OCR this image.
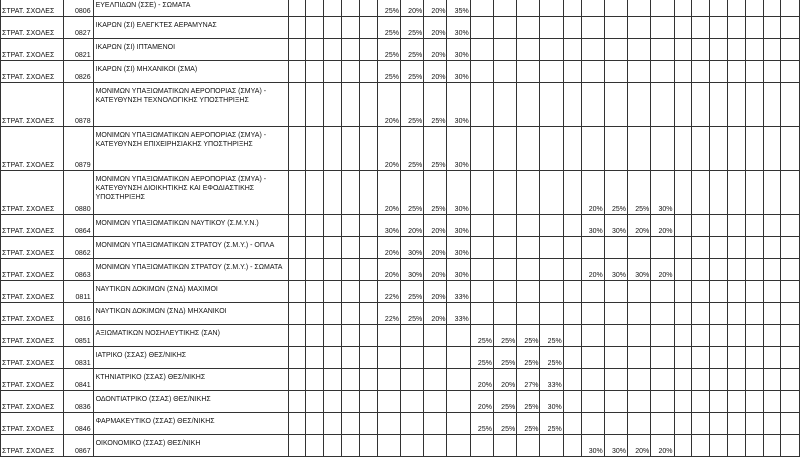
ΣΤΡΑΤ. ΣΧΟΛΕΣ	0806	ΕΥΕΛΠΙΔΩΝ (ΣΣΕ) - ΣΩΜΑΤΑ						25%	20%	20%	35%																
ΣΤΡΑΤ. ΣΧΟΛΕΣ	0827	ΙΚΑΡΩΝ (ΣΙ) ΕΛΕΓΚΤΕΣ ΑΕΡΑΜΥΝΑΣ						25%	25%	20%	30%																
ΣΤΡΑΤ. ΣΧΟΛΕΣ	0821	ΙΚΑΡΩΝ (ΣΙ) ΙΠΤΑΜΕΝΟΙ						25%	25%	20%	30%																
ΣΤΡΑΤ. ΣΧΟΛΕΣ	0826	ΙΚΑΡΩΝ (ΣΙ) ΜΗΧΑΝΙΚΟΙ (ΣΜΑ)						25%	25%	20%	30%																
ΣΤΡΑΤ. ΣΧΟΛΕΣ	0878	ΜΟΝΙΜΩΝ ΥΠΑΞΙΩΜΑΤΙΚΩΝ ΑΕΡΟΠΟΡΙΑΣ (ΣΜΥΑ) - ΚΑΤΕΥΘΥΝΣΗ ΤΕΧΝΟΛΟΓΙΚΗΣ ΥΠΟΣΤΗΡΙΞΗΣ						20%	25%	25%	30%																
ΣΤΡΑΤ. ΣΧΟΛΕΣ	0879	ΜΟΝΙΜΩΝ ΥΠΑΞΙΩΜΑΤΙΚΩΝ ΑΕΡΟΠΟΡΙΑΣ (ΣΜΥΑ) - ΚΑΤΕΥΘΥΝΣΗ ΕΠΙΧΕΙΡΗΣΙΑΚΗΣ ΥΠΟΣΤΗΡΙΞΗΣ						20%	25%	25%	30%																
ΣΤΡΑΤ. ΣΧΟΛΕΣ	0880	ΜΟΝΙΜΩΝ ΥΠΑΞΙΩΜΑΤΙΚΩΝ ΑΕΡΟΠΟΡΙΑΣ (ΣΜΥΑ) - ΚΑΤΕΥΘΥΝΣΗ ΔΙΟΙΚΗΤΙΚΗΣ ΚΑΙ ΕΦΟΔΙΑΣΤΙΚΗΣ ΥΠΟΣΤΗΡΙΞΗΣ						20%	25%	25%	30%						20%	25%	25%	30%							
ΣΤΡΑΤ. ΣΧΟΛΕΣ	0864	ΜΟΝΙΜΩΝ ΥΠΑΞΙΩΜΑΤΙΚΩΝ ΝΑΥΤΙΚΟΥ (Σ.Μ.Υ.Ν.)						30%	20%	20%	30%						30%	30%	20%	20%							
ΣΤΡΑΤ. ΣΧΟΛΕΣ	0862	ΜΟΝΙΜΩΝ ΥΠΑΞΙΩΜΑΤΙΚΩΝ ΣΤΡΑΤΟΥ (Σ.Μ.Υ.) - ΟΠΛΑ						20%	30%	20%	30%																
ΣΤΡΑΤ. ΣΧΟΛΕΣ	0863	ΜΟΝΙΜΩΝ ΥΠΑΞΙΩΜΑΤΙΚΩΝ ΣΤΡΑΤΟΥ (Σ.Μ.Υ.) - ΣΩΜΑΤΑ						20%	30%	20%	30%						20%	30%	30%	20%							
ΣΤΡΑΤ. ΣΧΟΛΕΣ	0811	ΝΑΥΤΙΚΩΝ ΔΟΚΙΜΩΝ (ΣΝΔ) ΜΑΧΙΜΟΙ						22%	25%	20%	33%																
ΣΤΡΑΤ. ΣΧΟΛΕΣ	0816	ΝΑΥΤΙΚΩΝ ΔΟΚΙΜΩΝ (ΣΝΔ) ΜΗΧΑΝΙΚΟΙ						22%	25%	20%	33%																
ΣΤΡΑΤ. ΣΧΟΛΕΣ	0851	ΑΞΙΩΜΑΤΙΚΩΝ ΝΟΣΗΛΕΥΤΙΚΗΣ (ΣΑΝ)										25%	25%	25%	25%												
ΣΤΡΑΤ. ΣΧΟΛΕΣ	0831	ΙΑΤΡΙΚΟ (ΣΣΑΣ) ΘΕΣ/ΝΙΚΗΣ										25%	25%	25%	25%												
ΣΤΡΑΤ. ΣΧΟΛΕΣ	0841	ΚΤΗΝΙΑΤΡΙΚΟ (ΣΣΑΣ) ΘΕΣ/ΝΙΚΗΣ										20%	20%	27%	33%												
ΣΤΡΑΤ. ΣΧΟΛΕΣ	0836	ΟΔΟΝΤΙΑΤΡΙΚΟ (ΣΣΑΣ) ΘΕΣ/ΝΙΚΗΣ										20%	25%	25%	30%												
ΣΤΡΑΤ. ΣΧΟΛΕΣ	0846	ΦΑΡΜΑΚΕΥΤΙΚΟ (ΣΣΑΣ) ΘΕΣ/ΝΙΚΗΣ										25%	25%	25%	25%												
ΣΤΡΑΤ. ΣΧΟΛΕΣ	0867	ΟΙΚΟΝΟΜΙΚΟ (ΣΣΑΣ) ΘΕΣ/ΝΙΚΗ															30%	30%	20%	20%							
